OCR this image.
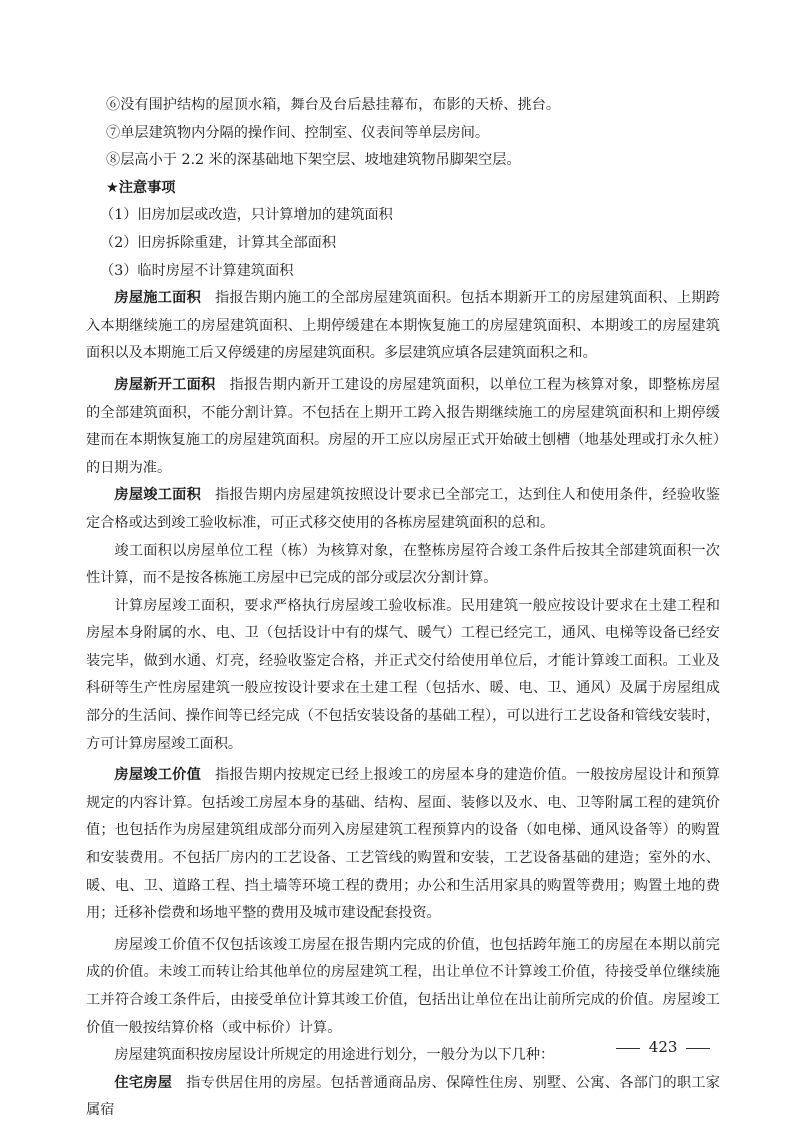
⑥没有围护结构的屋顶水箱，舞台及台后悬挂幕布，布影的天桥、挑台。

⑦单层建筑物内分隔的操作间、控制室、仪表间等单层房间。

⑧层高小于 2.2 米的深基础地下架空层、坡地建筑物吊脚架空层。

★注意事项

（1）旧房加层或改造，只计算增加的建筑面积

（2）旧房拆除重建，计算其全部面积

（3）临时房屋不计算建筑面积

房屋施工面积 指报告期内施工的全部房屋建筑面积。包括本期新开工的房屋建筑面积、上期跨入本期继续施工的房屋建筑面积、上期停缓建在本期恢复施工的房屋建筑面积、本期竣工的房屋建筑面积以及本期施工后又停缓建的房屋建筑面积。多层建筑应填各层建筑面积之和。

房屋新开工面积 指报告期内新开工建设的房屋建筑面积，以单位工程为核算对象，即整栋房屋的全部建筑面积，不能分割计算。不包括在上期开工跨入报告期继续施工的房屋建筑面积和上期停缓建而在本期恢复施工的房屋建筑面积。房屋的开工应以房屋正式开始破土刨槽（地基处理或打永久桩）的日期为准。

房屋竣工面积 指报告期内房屋建筑按照设计要求已全部完工，达到住人和使用条件，经验收鉴定合格或达到竣工验收标准，可正式移交使用的各栋房屋建筑面积的总和。

竣工面积以房屋单位工程（栋）为核算对象，在整栋房屋符合竣工条件后按其全部建筑面积一次性计算，而不是按各栋施工房屋中已完成的部分或层次分割计算。

计算房屋竣工面积，要求严格执行房屋竣工验收标准。民用建筑一般应按设计要求在土建工程和房屋本身附属的水、电、卫（包括设计中有的煤气、暖气）工程已经完工，通风、电梯等设备已经安装完毕，做到水通、灯亮，经验收鉴定合格，并正式交付给使用单位后，才能计算竣工面积。工业及科研等生产性房屋建筑一般应按设计要求在土建工程（包括水、暖、电、卫、通风）及属于房屋组成部分的生活间、操作间等已经完成（不包括安装设备的基础工程），可以进行工艺设备和管线安装时，方可计算房屋竣工面积。

房屋竣工价值 指报告期内按规定已经上报竣工的房屋本身的建造价值。一般按房屋设计和预算规定的内容计算。包括竣工房屋本身的基础、结构、屋面、装修以及水、电、卫等附属工程的建筑价值；也包括作为房屋建筑组成部分而列入房屋建筑工程预算内的设备（如电梯、通风设备等）的购置和安装费用。不包括厂房内的工艺设备、工艺管线的购置和安装，工艺设备基础的建造；室外的水、暖、电、卫、道路工程、挡土墙等环境工程的费用；办公和生活用家具的购置等费用；购置土地的费用；迁移补偿费和场地平整的费用及城市建设配套投资。

房屋竣工价值不仅包括该竣工房屋在报告期内完成的价值，也包括跨年施工的房屋在本期以前完成的价值。未竣工而转让给其他单位的房屋建筑工程，出让单位不计算竣工价值，待接受单位继续施工并符合竣工条件后，由接受单位计算其竣工价值，包括出让单位在出让前所完成的价值。房屋竣工价值一般按结算价格（或中标价）计算。

房屋建筑面积按房屋设计所规定的用途进行划分，一般分为以下几种：

住宅房屋 指专供居住用的房屋。包括普通商品房、保障性住房、别墅、公寓、各部门的职工家属宿

423
